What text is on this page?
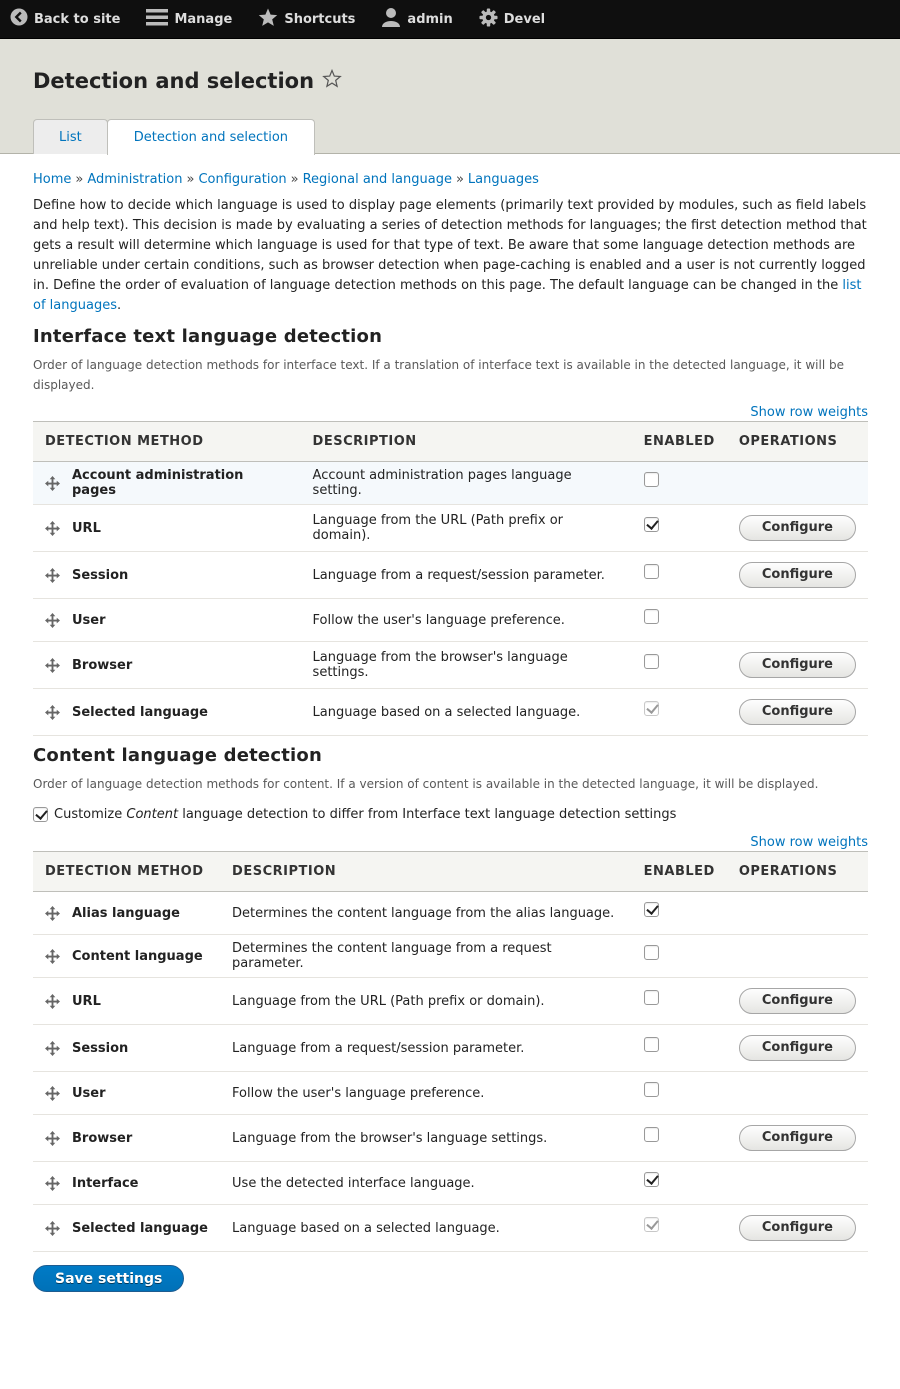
Back to site	Manage	Shortcuts	admin	Devel
Detection and selection
List	Detection and selection
Home » Administration » Configuration » Regional and language » Languages

Define how to decide which language is used to display page elements (primarily text provided by modules, such as field labels and help text). This decision is made by evaluating a series of detection methods for languages; the first detection method that gets a result will determine which language is used for that type of text. Be aware that some language detection methods are unreliable under certain conditions, such as browser detection when page-caching is enabled and a user is not currently logged in. Define the order of evaluation of language detection methods on this page. The default language can be changed in the list of languages.

Interface text language detection
Order of language detection methods for interface text. If a translation of interface text is available in the detected language, it will be displayed.
Show row weights
DETECTION METHOD	DESCRIPTION	ENABLED	OPERATIONS

Account administration pages	Account administration pages language setting.		

URL	Language from the URL (Path prefix or domain).		Configure

Session	Language from a request/session parameter.		Configure

User	Follow the user's language preference.		

Browser	Language from the browser's language settings.		Configure

Selected language	Language based on a selected language.		Configure
Content language detection
Order of language detection methods for content. If a version of content is available in the detected language, it will be displayed.
Customize Content language detection to differ from Interface text language detection settings
Show row weights
DETECTION METHOD	DESCRIPTION	ENABLED	OPERATIONS

Alias language	Determines the content language from the alias language.		

Content language	Determines the content language from a request parameter.		

URL	Language from the URL (Path prefix or domain).		Configure

Session	Language from a request/session parameter.		Configure

User	Follow the user's language preference.		

Browser	Language from the browser's language settings.		Configure

Interface	Use the detected interface language.		

Selected language	Language based on a selected language.		Configure
Save settings
